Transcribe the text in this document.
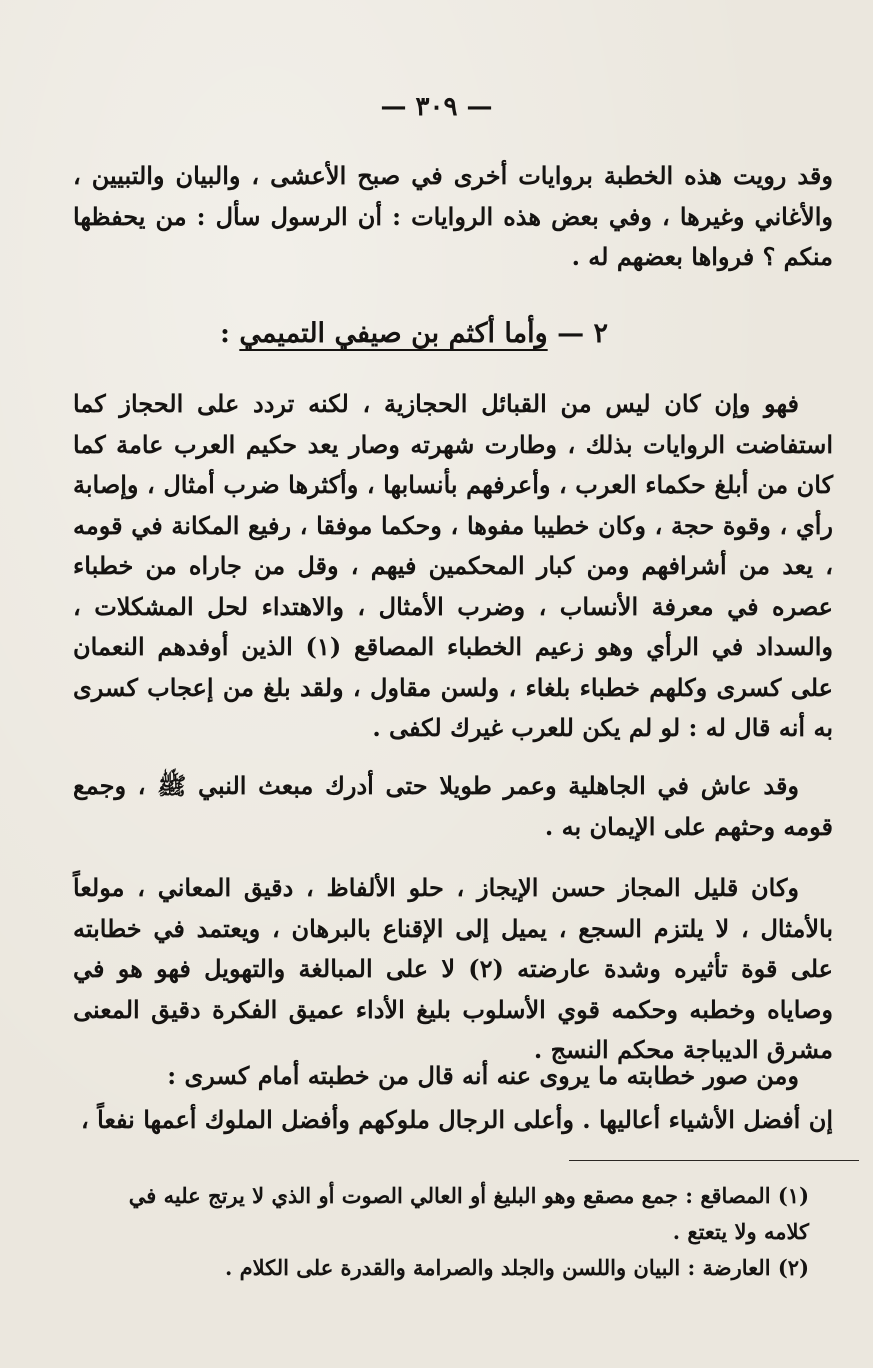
— ٣٠٩ —

وقد رويت هذه الخطبة بروايات أخرى في صبح الأعشى ، والبيان والتبيين ، والأغاني وغيرها ، وفي بعض هذه الروايات : أن الرسول سأل : من يحفظها منكم ؟ فرواها بعضهم له .

٢ — وأما أكثم بن صيفي التميمي :

فهو وإن كان ليس من القبائل الحجازية ، لكنه تردد على الحجاز كما استفاضت الروايات بذلك ، وطارت شهرته وصار يعد حكيم العرب عامة كما كان من أبلغ حكماء العرب ، وأعرفهم بأنسابها ، وأكثرها ضرب أمثال ، وإصابة رأي ، وقوة حجة ، وكان خطيبا مفوها ، وحكما موفقا ، رفيع المكانة في قومه ، يعد من أشرافهم ومن كبار المحكمين فيهم ، وقل من جاراه من خطباء عصره في معرفة الأنساب ، وضرب الأمثال ، والاهتداء لحل المشكلات ، والسداد في الرأي وهو زعيم الخطباء المصاقع (١) الذين أوفدهم النعمان على كسرى وكلهم خطباء بلغاء ، ولسن مقاول ، ولقد بلغ من إعجاب كسرى به أنه قال له : لو لم يكن للعرب غيرك لكفى .

وقد عاش في الجاهلية وعمر طويلا حتى أدرك مبعث النبي ﷺ ، وجمع قومه وحثهم على الإيمان به .

وكان قليل المجاز حسن الإيجاز ، حلو الألفاظ ، دقيق المعاني ، مولعاً بالأمثال ، لا يلتزم السجع ، يميل إلى الإقناع بالبرهان ، ويعتمد في خطابته على قوة تأثيره وشدة عارضته (٢) لا على المبالغة والتهويل فهو هو في وصاياه وخطبه وحكمه قوي الأسلوب بليغ الأداء عميق الفكرة دقيق المعنى مشرق الديباجة محكم النسج .

ومن صور خطابته ما يروى عنه أنه قال من خطبته أمام كسرى :

إن أفضل الأشياء أعاليها . وأعلى الرجال ملوكهم وأفضل الملوك أعمها نفعاً ،

(١) المصاقع : جمع مصقع وهو البليغ أو العالي الصوت أو الذي لا يرتج عليه في كلامه ولا يتعتع .

(٢) العارضة : البيان واللسن والجلد والصرامة والقدرة على الكلام .
